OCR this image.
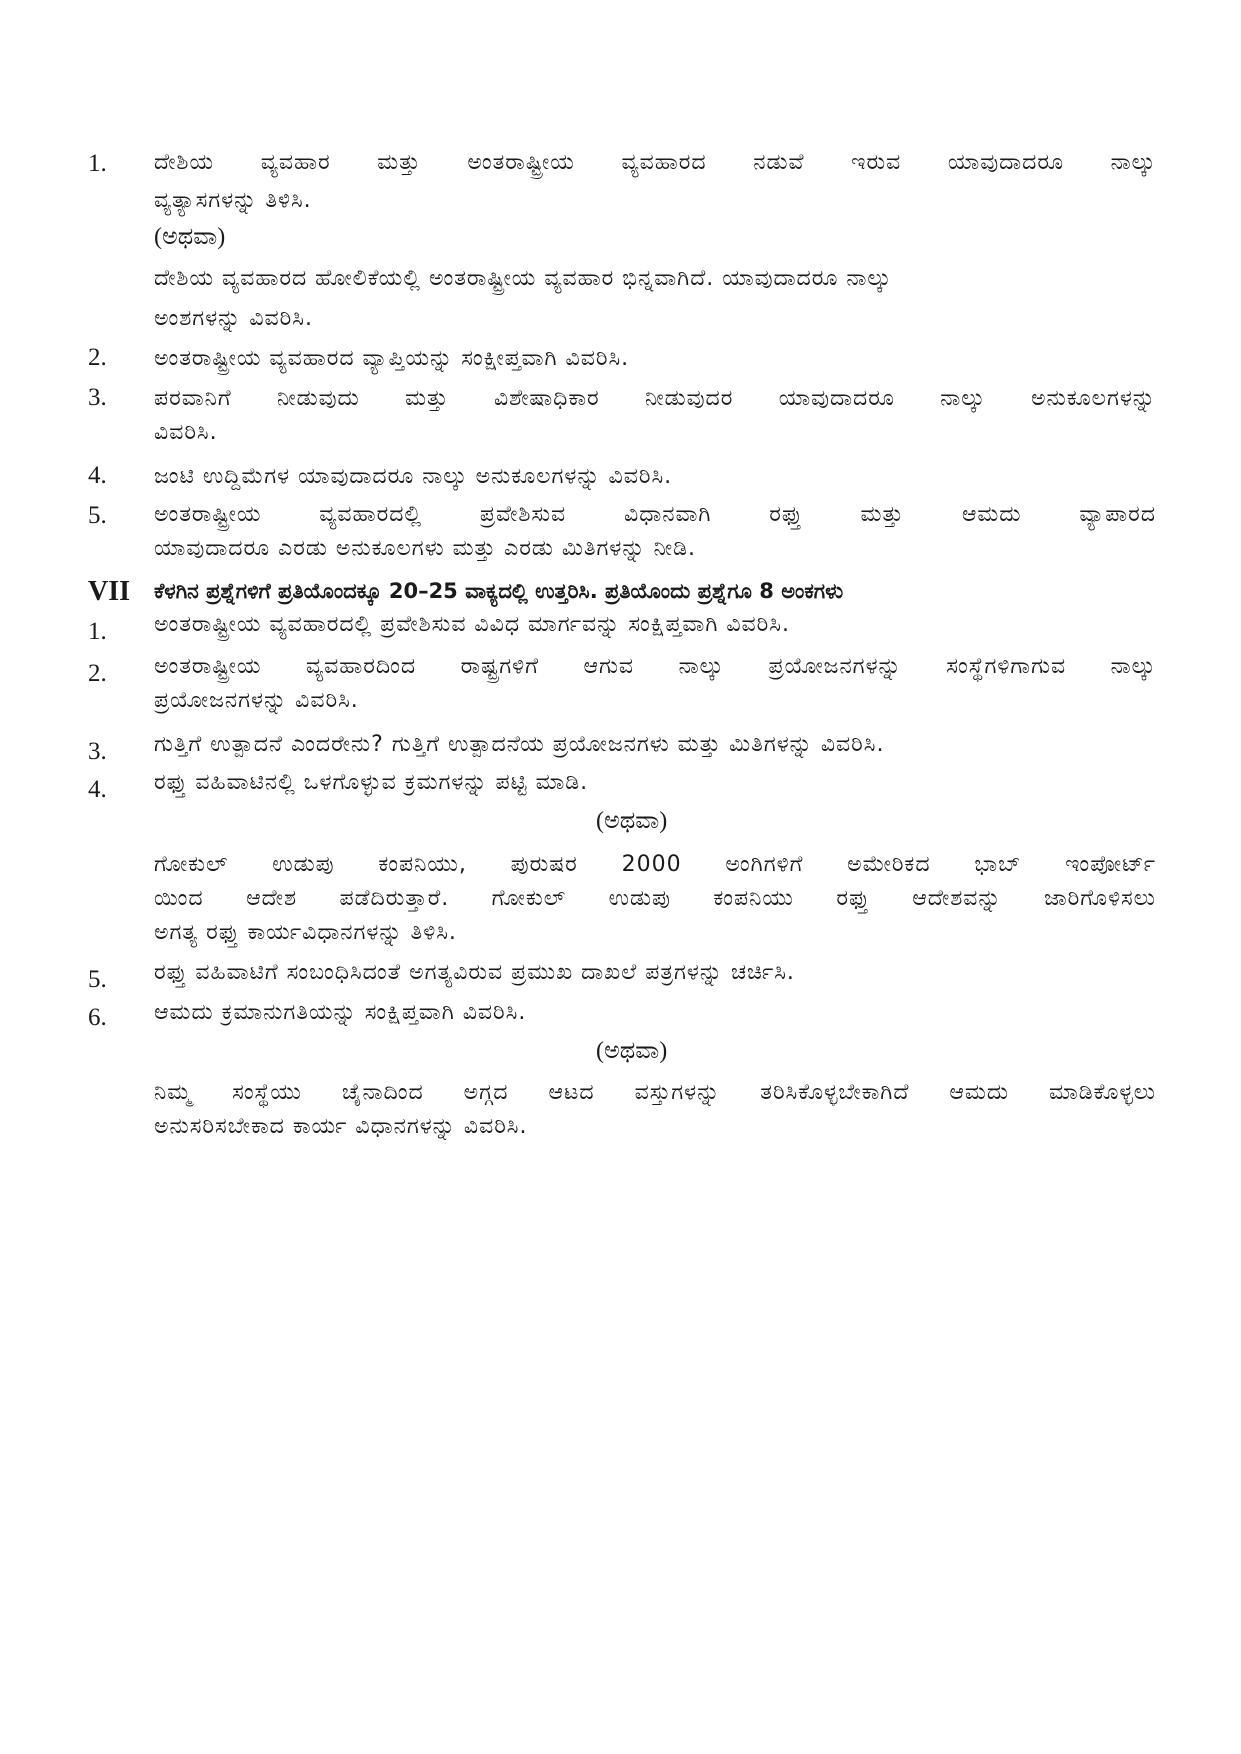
1. ದೇಶಿಯ ವ್ಯವಹಾರ ಮತ್ತು ಅಂತರಾಷ್ಟ್ರೀಯ ವ್ಯವಹಾರದ ನಡುವೆ ಇರುವ ಯಾವುದಾದರೂ ನಾಲ್ಕು
ವ್ಯತ್ಯಾಸಗಳನ್ನು ತಿಳಿಸಿ.
(ಅಥವಾ)
ದೇಶಿಯ ವ್ಯವಹಾರದ ಹೋಲಿಕೆಯಲ್ಲಿ ಅಂತರಾಷ್ಟ್ರೀಯ ವ್ಯವಹಾರ ಭಿನ್ನವಾಗಿದೆ. ಯಾವುದಾದರೂ ನಾಲ್ಕು
ಅಂಶಗಳನ್ನು ವಿವರಿಸಿ.
2. ಅಂತರಾಷ್ಟ್ರೀಯ ವ್ಯವಹಾರದ ವ್ಯಾಪ್ತಿಯನ್ನು ಸಂಕ್ಷೀಪ್ತವಾಗಿ ವಿವರಿಸಿ.
3. ಪರವಾನಿಗೆ ನೀಡುವುದು ಮತ್ತು ವಿಶೇಷಾಧಿಕಾರ ನೀಡುವುದರ ಯಾವುದಾದರೂ ನಾಲ್ಕು ಅನುಕೂಲಗಳನ್ನು
ವಿವರಿಸಿ.
4. ಜಂಟಿ ಉದ್ದಿಮೆಗಳ ಯಾವುದಾದರೂ ನಾಲ್ಕು ಅನುಕೂಲಗಳನ್ನು ವಿವರಿಸಿ.
5. ಅಂತರಾಷ್ಟ್ರೀಯ ವ್ಯವಹಾರದಲ್ಲಿ ಪ್ರವೇಶಿಸುವ ವಿಧಾನವಾಗಿ ರಫ್ತು ಮತ್ತು ಆಮದು ವ್ಯಾಪಾರದ
ಯಾವುದಾದರೂ ಎರಡು ಅನುಕೂಲಗಳು ಮತ್ತು ಎರಡು ಮಿತಿಗಳನ್ನು ನೀಡಿ.
VII ಕೆಳಗಿನ ಪ್ರಶ್ನೆಗಳಿಗೆ ಪ್ರತಿಯೊಂದಕ್ಕೂ 20–25 ವಾಕ್ಯದಲ್ಲಿ ಉತ್ತರಿಸಿ. ಪ್ರತಿಯೊಂದು ಪ್ರಶ್ನೆಗೂ 8 ಅಂಕಗಳು
1. ಅಂತರಾಷ್ಟ್ರೀಯ ವ್ಯವಹಾರದಲ್ಲಿ ಪ್ರವೇಶಿಸುವ ವಿವಿಧ ಮಾರ್ಗವನ್ನು ಸಂಕ್ಷಿಪ್ತವಾಗಿ ವಿವರಿಸಿ.
2. ಅಂತರಾಷ್ಟ್ರೀಯ ವ್ಯವಹಾರದಿಂದ ರಾಷ್ಟ್ರಗಳಿಗೆ ಆಗುವ ನಾಲ್ಕು ಪ್ರಯೋಜನಗಳನ್ನು ಸಂಸ್ಥೆಗಳಿಗಾಗುವ ನಾಲ್ಕು
ಪ್ರಯೋಜನಗಳನ್ನು ವಿವರಿಸಿ.
3. ಗುತ್ತಿಗೆ ಉತ್ಪಾದನೆ ಎಂದರೇನು? ಗುತ್ತಿಗೆ ಉತ್ಪಾದನೆಯ ಪ್ರಯೋಜನಗಳು ಮತ್ತು ಮಿತಿಗಳನ್ನು ವಿವರಿಸಿ.
4. ರಫ್ತು ವಹಿವಾಟಿನಲ್ಲಿ ಒಳಗೊಳ್ಳುವ ಕ್ರಮಗಳನ್ನು ಪಟ್ಟಿ ಮಾಡಿ.
(ಅಥವಾ)
ಗೋಕುಲ್ ಉಡುಪು ಕಂಪನಿಯು, ಪುರುಷರ 2000 ಅಂಗಿಗಳಿಗೆ ಅಮೇರಿಕದ ಭಾಬ್ ಇಂಪೋರ್ಟ್
ಯಿಂದ ಆದೇಶ ಪಡೆದಿರುತ್ತಾರೆ. ಗೋಕುಲ್ ಉಡುಪು ಕಂಪನಿಯು ರಫ್ತು ಆದೇಶವನ್ನು ಜಾರಿಗೊಳಿಸಲು
ಅಗತ್ಯ ರಫ್ತು ಕಾರ್ಯವಿಧಾನಗಳನ್ನು ತಿಳಿಸಿ.
5. ರಫ್ತು ವಹಿವಾಟಿಗೆ ಸಂಬಂಧಿಸಿದಂತೆ ಅಗತ್ಯವಿರುವ ಪ್ರಮುಖ ದಾಖಲೆ ಪತ್ರಗಳನ್ನು ಚರ್ಚಿಸಿ.
6. ಆಮದು ಕ್ರಮಾನುಗತಿಯನ್ನು ಸಂಕ್ಷಿಪ್ತವಾಗಿ ವಿವರಿಸಿ.
(ಅಥವಾ)
ನಿಮ್ಮ ಸಂಸ್ಥೆಯು ಚೈನಾದಿಂದ ಅಗ್ಗದ ಆಟದ ವಸ್ತುಗಳನ್ನು ತರಿಸಿಕೊಳ್ಳಬೇಕಾಗಿದೆ ಆಮದು ಮಾಡಿಕೊಳ್ಳಲು
ಅನುಸರಿಸಬೇಕಾದ ಕಾರ್ಯ ವಿಧಾನಗಳನ್ನು ವಿವರಿಸಿ.
